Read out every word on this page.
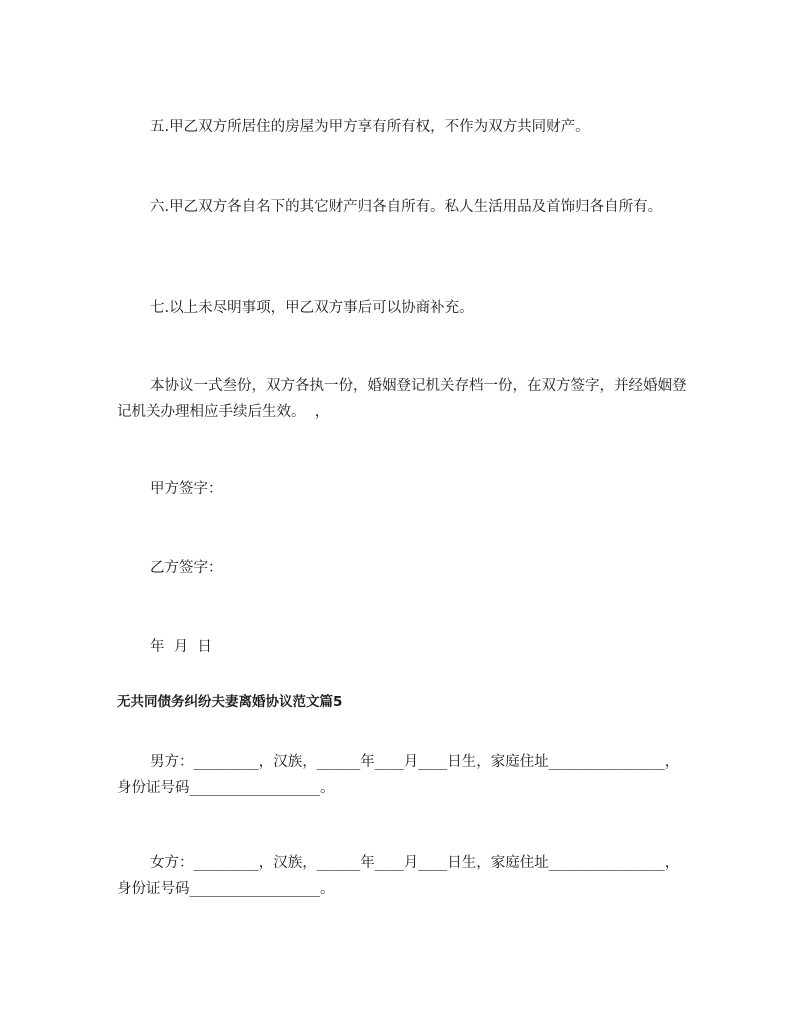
五.甲乙双方所居住的房屋为甲方享有所有权，不作为双方共同财产。

六.甲乙双方各自名下的其它财产归各自所有。私人生活用品及首饰归各自所有。

七.以上未尽明事项，甲乙双方事后可以协商补充。

本协议一式叁份，双方各执一份，婚姻登记机关存档一份，在双方签字，并经婚姻登记机关办理相应手续后生效。  ，

甲方签字：

乙方签字：

年  月  日

无共同债务纠纷夫妻离婚协议范文篇5

男方：_________，汉族，______年____月____日生，家庭住址________________，身份证号码__________________。

女方：_________，汉族，______年____月____日生，家庭住址________________，身份证号码__________________。
